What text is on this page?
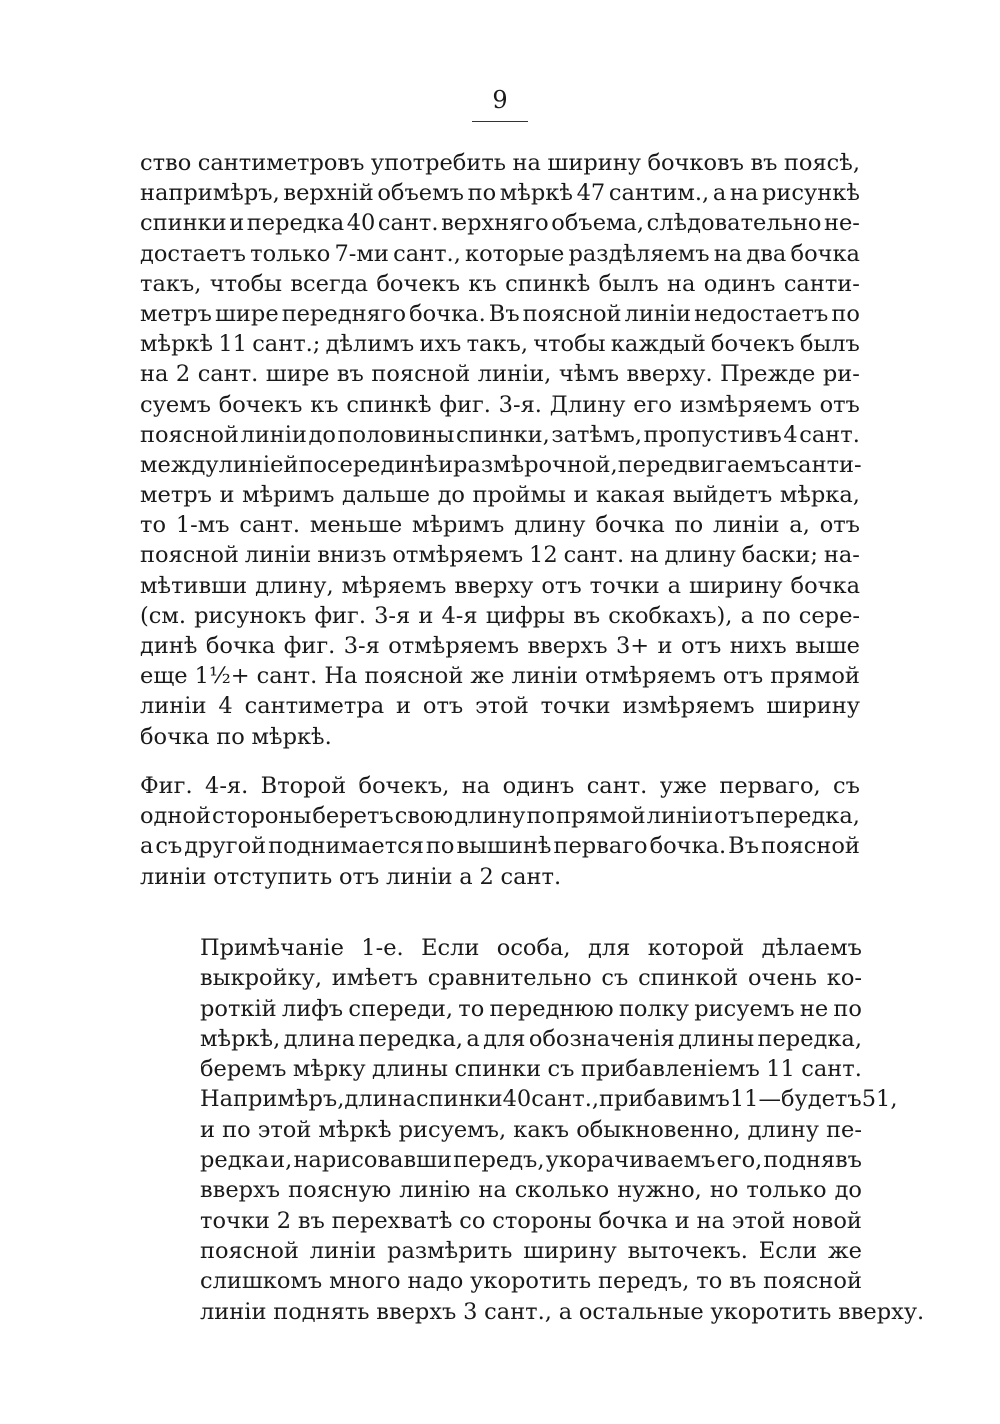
9
ство сантиметровъ употребить на ширину бочковъ въ поясѣ,
напримѣръ, верхній объемъ по мѣркѣ 47 сантим., а на рисункѣ
спинки и передка 40 сант. верхняго объема, слѣдовательно не-
достаетъ только 7-ми сант., которые раздѣляемъ на два бочка
такъ, чтобы всегда бочекъ къ спинкѣ былъ на одинъ санти-
метръ шире передняго бочка. Въ поясной линіи недостаетъ по
мѣркѣ 11 сант.; дѣлимъ ихъ такъ, чтобы каждый бочекъ былъ
на 2 сант. шире въ поясной линіи, чѣмъ вверху. Прежде ри-
суемъ бочекъ къ спинкѣ фиг. 3-я. Длину его измѣряемъ отъ
поясной линіи до половины спинки, затѣмъ, пропустивъ 4 сант.
между линіей посерединѣ и размѣрочной, передвигаемъ санти-
метръ и мѣримъ дальше до проймы и какая выйдетъ мѣрка,
то 1-мъ сант. меньше мѣримъ длину бочка по линіи а, отъ
поясной линіи внизъ отмѣряемъ 12 сант. на длину баски; на-
мѣтивши длину, мѣряемъ вверху отъ точки а ширину бочка
(см. рисунокъ фиг. 3-я и 4-я цифры въ скобкахъ), а по сере-
динѣ бочка фиг. 3-я отмѣряемъ вверхъ 3+ и отъ нихъ выше
еще 1½+ сант. На поясной же линіи отмѣряемъ отъ прямой
линіи 4 сантиметра и отъ этой точки измѣряемъ ширину
бочка по мѣркѣ.
Фиг. 4-я. Второй бочекъ, на одинъ сант. уже перваго, съ
одной стороны беретъ свою длину по прямой линіи отъ передка,
а съ другой поднимается по вышинѣ перваго бочка. Въ поясной
линіи отступить отъ линіи а 2 сант.
Примѣчаніе 1-е. Если особа, для которой дѣлаемъ
выкройку, имѣетъ сравнительно съ спинкой очень ко-
роткій лифъ спереди, то переднюю полку рисуемъ не по
мѣркѣ, длина передка, а для обозначенія длины передка,
беремъ мѣрку длины спинки съ прибавленіемъ 11 сант.
Напримѣръ, длина спинки 40 сант., прибавимъ 11—будетъ 51,
и по этой мѣркѣ рисуемъ, какъ обыкновенно, длину пе-
редка и, нарисовавши передъ, укорачиваемъ его, поднявъ
вверхъ поясную линію на сколько нужно, но только до
точки 2 въ перехватѣ со стороны бочка и на этой новой
поясной линіи размѣрить ширину выточекъ. Если же
слишкомъ много надо укоротить передъ, то въ поясной
линіи поднять вверхъ 3 сант., а остальные укоротить вверху.
